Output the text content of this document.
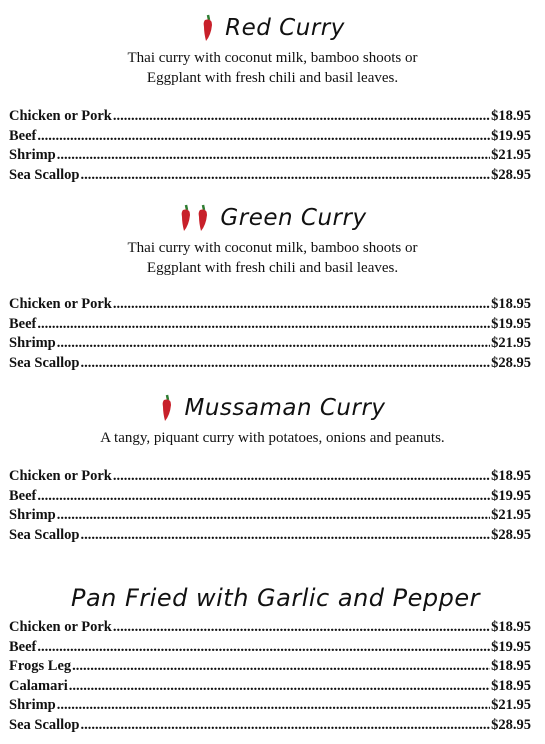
Red Curry
Thai curry with coconut milk, bamboo shoots or
Eggplant with fresh chili and basil leaves.
Chicken or Pork .....	$18.95
Beef .....	$19.95
Shrimp .....	$21.95
Sea Scallop .....	$28.95
Green Curry
Thai curry with coconut milk, bamboo shoots or
Eggplant with fresh chili and basil leaves.
Chicken or Pork .....	$18.95
Beef .....	$19.95
Shrimp .....	$21.95
Sea Scallop .....	$28.95
Mussaman Curry
A tangy, piquant curry with potatoes, onions and peanuts.
Chicken or Pork .....	$18.95
Beef .....	$19.95
Shrimp .....	$21.95
Sea Scallop .....	$28.95
Pan Fried with Garlic and Pepper
Chicken or Pork .....	$18.95
Beef .....	$19.95
Frogs Leg .....	$18.95
Calamari .....	$18.95
Shrimp .....	$21.95
Sea Scallop .....	$28.95
